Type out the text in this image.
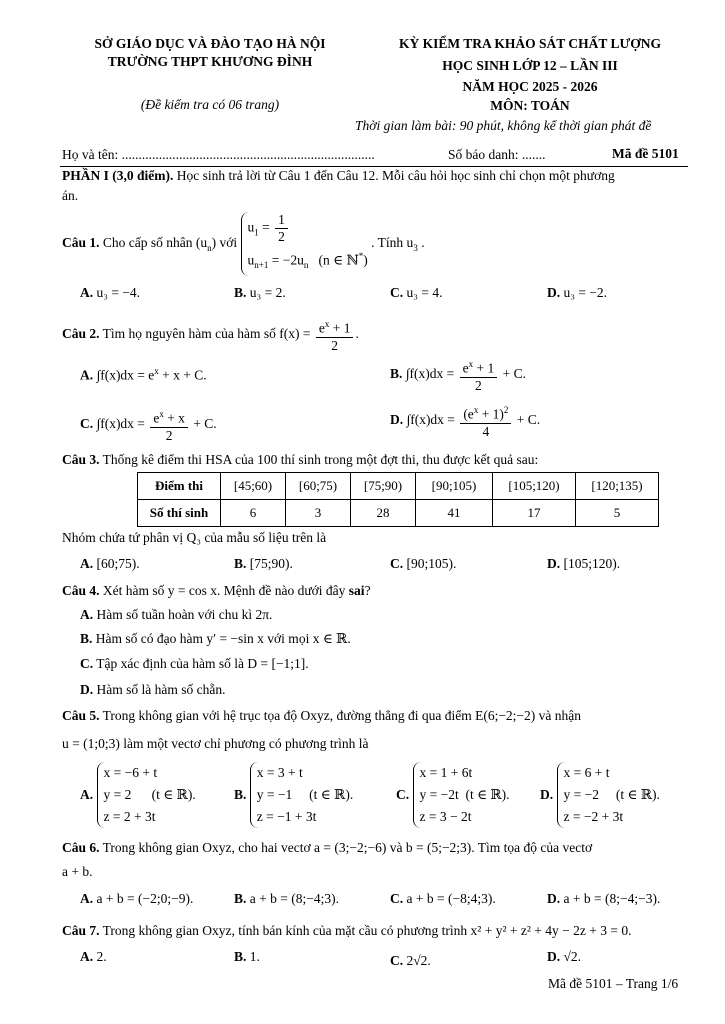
SỞ GIÁO DỤC VÀ ĐÀO TẠO HÀ NỘI
TRƯỜNG THPT KHƯƠNG ĐÌNH
(Đề kiểm tra có 06 trang)
KỲ KIỂM TRA KHẢO SÁT CHẤT LƯỢNG
HỌC SINH LỚP 12 – LẦN III
NĂM HỌC 2025 - 2026
MÔN: TOÁN
Thời gian làm bài: 90 phút, không kể thời gian phát đề
Họ và tên: ...........................................................................	Số báo danh: .......	Mã đề 5101
PHẦN I (3,0 điểm). Học sinh trả lời từ Câu 1 đến Câu 12. Mỗi câu hỏi học sinh chỉ chọn một phương
án.
Câu 1. Cho cấp số nhân $(u_n)$ với
$u_1 = \frac{1}{2}$
$u_{n+1} = -2u_n$   (n ∈ ℕ*)
. Tính $u_3$ .
A. u₃ = −4.	B. u₃ = 2.	C. u₃ = 4.	D. u₃ = −2.
Câu 2. Tìm họ nguyên hàm của hàm số $f(x) = \frac{e^x + 1}{2}$ .
A. $\int f(x)dx = e^x + x + C$.	B. $\int f(x)dx = \frac{e^x + 1}{2} + C$.
C. $\int f(x)dx = \frac{e^x + x}{2} + C$.	D. $\int f(x)dx = \frac{(e^x + 1)^2}{4} + C$.
Câu 3. Thống kê điểm thi HSA của 100 thí sinh trong một đợt thi, thu được kết quả sau:
Điểm thi	[45;60)	[60;75)	[75;90)	[90;105)	[105;120)	[120;135)
Số thí sinh	6	3	28	41	17	5
Nhóm chứa tứ phân vị Q₃ của mẫu số liệu trên là
A. [60;75).	B. [75;90).	C. [90;105).	D. [105;120).
Câu 4. Xét hàm số y = cos x. Mệnh đề nào dưới đây sai?
A. Hàm số tuần hoàn với chu kì 2π.
B. Hàm số có đạo hàm y′ = −sin x với mọi x ∈ ℝ.
C. Tập xác định của hàm số là D = [−1;1].
D. Hàm số là hàm số chẵn.
Câu 5. Trong không gian với hệ trục tọa độ Oxyz, đường thẳng đi qua điểm E(6;−2;−2) và nhận
u = (1;0;3) làm một vectơ chỉ phương có phương trình là
A.
x = −6 + t
y = 2      (t ∈ ℝ).
z = 2 + 3t
B.
x = 3 + t
y = −1     (t ∈ ℝ).
z = −1 + 3t
C.
x = 1 + 6t
y = −2t  (t ∈ ℝ).
z = 3 − 2t
D.
x = 6 + t
y = −2     (t ∈ ℝ).
z = −2 + 3t
Câu 6. Trong không gian Oxyz, cho hai vectơ a = (3;−2;−6) và b = (5;−2;3). Tìm tọa độ của vectơ
a + b.
A. a + b = (−2;0;−9).	B. a + b = (8;−4;3).	C. a + b = (−8;4;3).	D. a + b = (8;−4;−3).
Câu 7. Trong không gian Oxyz, tính bán kính của mặt cầu có phương trình x² + y² + z² + 4y − 2z + 3 = 0.
A. 2.	B. 1.	C. 2√2.	D. √2.
Mã đề 5101 – Trang 1/6
